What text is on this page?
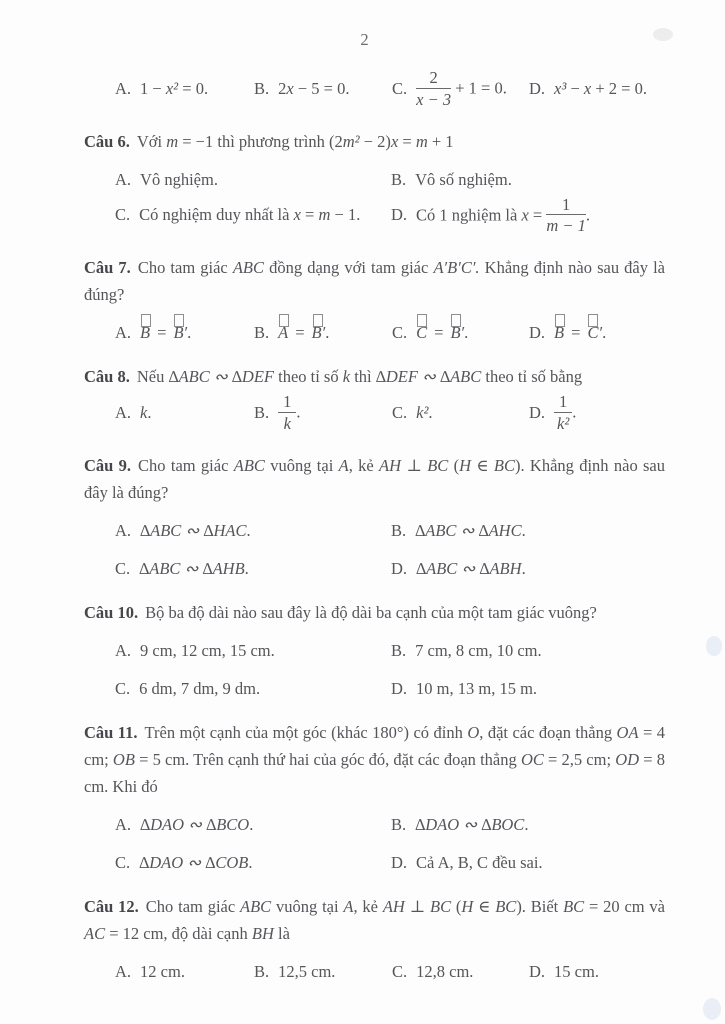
2

A. 1 − x² = 0.	B. 2x − 5 = 0.	C. $\frac{2}{x - 3} + 1 = 0$.	D. x³ − x + 2 = 0.

Câu 6. Với m = −1 thì phương trình (2m² − 2)x = m + 1

A. Vô nghiệm.	B. Vô số nghiệm.
C. Có nghiệm duy nhất là x = m − 1.	D. Có 1 nghiệm là $x = \frac{1}{m - 1}$ .

Câu 7. Cho tam giác ABC đồng dạng với tam giác A′B′C′. Khẳng định nào sau đây là đúng?

A. B = B′.	B. A = B′.	C. C = B′.	D. B = C′.

Câu 8. Nếu ∆ABC ∾ ∆DEF theo tỉ số k thì ∆DEF ∾ ∆ABC theo tỉ số bằng

A. k.	B. $\frac{1}{k}$ .	C. k².	D. $\frac{1}{\text{k²}}$ .

Câu 9. Cho tam giác ABC vuông tại A, kẻ AH ⊥ BC (H ∈ BC). Khẳng định nào sau đây là đúng?

A. ∆ABC ∾ ∆HAC.	B. ∆ABC ∾ ∆AHC.
C. ∆ABC ∾ ∆AHB.	D. ∆ABC ∾ ∆ABH.

Câu 10. Bộ ba độ dài nào sau đây là độ dài ba cạnh của một tam giác vuông?

A. 9 cm, 12 cm, 15 cm.	B. 7 cm, 8 cm, 10 cm.
C. 6 dm, 7 dm, 9 dm.	D. 10 m, 13 m, 15 m.

Câu 11. Trên một cạnh của một góc (khác 180°) có đỉnh O, đặt các đoạn thẳng OA = 4 cm; OB = 5 cm. Trên cạnh thứ hai của góc đó, đặt các đoạn thẳng OC = 2,5 cm; OD = 8 cm. Khi đó

A. ∆DAO ∾ ∆BCO.	B. ∆DAO ∾ ∆BOC.
C. ∆DAO ∾ ∆COB.	D. Cả A, B, C đều sai.

Câu 12. Cho tam giác ABC vuông tại A, kẻ AH ⊥ BC (H ∈ BC). Biết BC = 20 cm và AC = 12 cm, độ dài cạnh BH là

A. 12 cm.	B. 12,5 cm.	C. 12,8 cm.	D. 15 cm.
